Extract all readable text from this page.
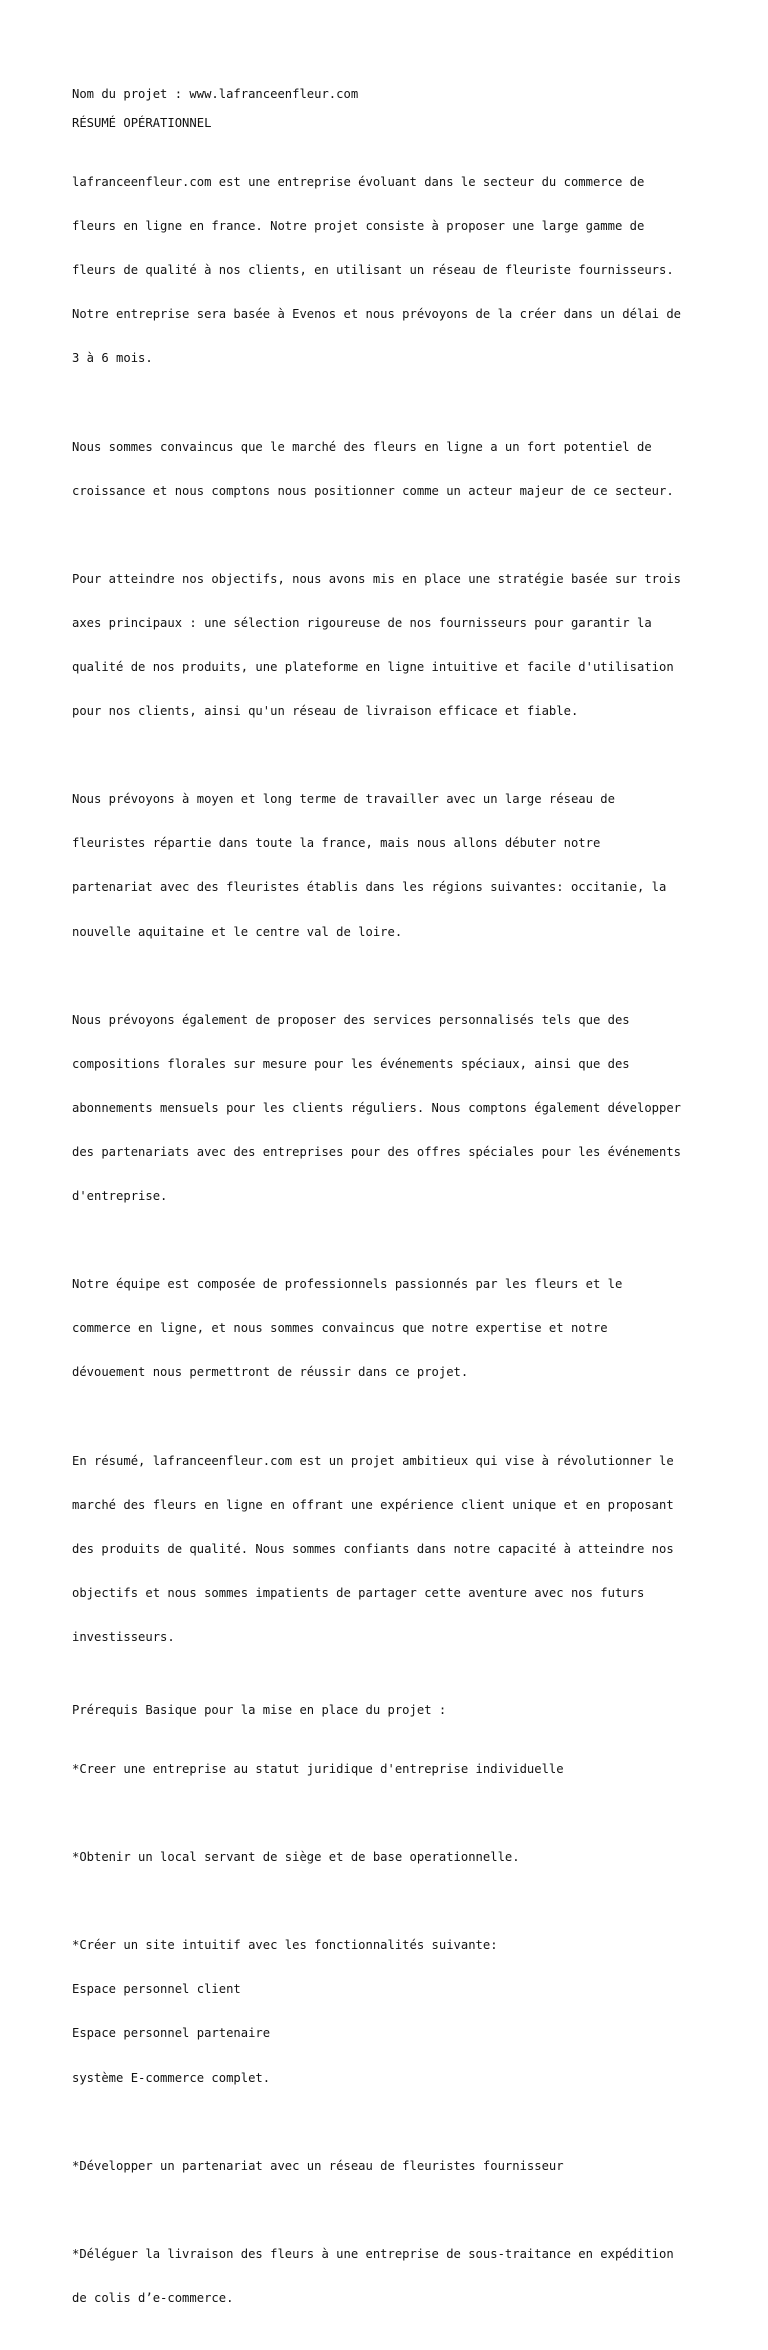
Nom du projet : www.lafranceenfleur.com

RÉSUMÉ OPÉRATIONNEL

lafranceenfleur.com est une entreprise évoluant dans le secteur du commerce de

fleurs en ligne en france. Notre projet consiste à proposer une large gamme de

fleurs de qualité à nos clients, en utilisant un réseau de fleuriste fournisseurs.

Notre entreprise sera basée à Evenos et nous prévoyons de la créer dans un délai de

3 à 6 mois.

Nous sommes convaincus que le marché des fleurs en ligne a un fort potentiel de

croissance et nous comptons nous positionner comme un acteur majeur de ce secteur.

Pour atteindre nos objectifs, nous avons mis en place une stratégie basée sur trois

axes principaux : une sélection rigoureuse de nos fournisseurs pour garantir la

qualité de nos produits, une plateforme en ligne intuitive et facile d'utilisation

pour nos clients, ainsi qu'un réseau de livraison efficace et fiable.

Nous prévoyons à moyen et long terme de travailler avec un large réseau de

fleuristes répartie dans toute la france, mais nous allons débuter notre

partenariat avec des fleuristes établis dans les régions suivantes: occitanie, la

nouvelle aquitaine et le centre val de loire.

Nous prévoyons également de proposer des services personnalisés tels que des

compositions florales sur mesure pour les événements spéciaux, ainsi que des

abonnements mensuels pour les clients réguliers. Nous comptons également développer

des partenariats avec des entreprises pour des offres spéciales pour les événements

d'entreprise.

Notre équipe est composée de professionnels passionnés par les fleurs et le

commerce en ligne, et nous sommes convaincus que notre expertise et notre

dévouement nous permettront de réussir dans ce projet.

En résumé, lafranceenfleur.com est un projet ambitieux qui vise à révolutionner le

marché des fleurs en ligne en offrant une expérience client unique et en proposant

des produits de qualité. Nous sommes confiants dans notre capacité à atteindre nos

objectifs et nous sommes impatients de partager cette aventure avec nos futurs

investisseurs.

Prérequis Basique pour la mise en place du projet :

*Creer une entreprise au statut juridique d'entreprise individuelle

*Obtenir un local servant de siège et de base operationnelle.

*Créer un site intuitif avec les fonctionnalités suivante:

Espace personnel client

Espace personnel partenaire

système E-commerce complet.

*Développer un partenariat avec un réseau de fleuristes fournisseur

*Déléguer la livraison des fleurs à une entreprise de sous-traitance en expédition

de colis d’e-commerce.
